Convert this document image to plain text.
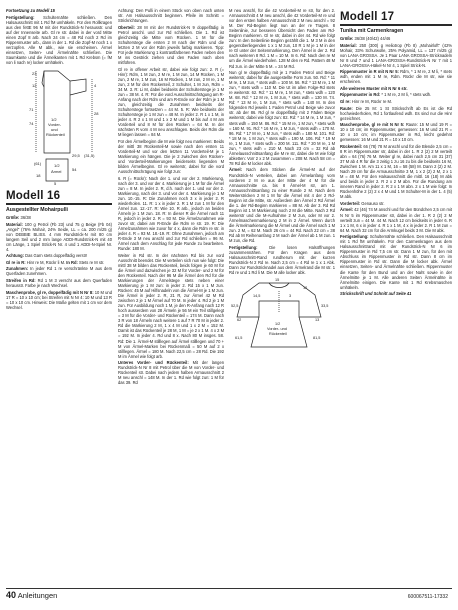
Fortsetzung zu Modell 15

Fertigstellung: Schulternähte schließen. Den Halsausschnitt mit 1 Rd fM umhäkeln. Für den Rollkragen aus den fettE 96 M mit der Rundstrick-N herausstr. und auf der Innenseite arb. Gl re str. dabei in der vord Mitte einen Zopf 8 arb. Nach 24 cm = 48 Rd noch 2 Rd im Rippenmuster arb., dann in der 1. Rd die Zopf-M noch 1 x verzopfen. Alle M abk., wie sie erscheinen. Ärmel einsetzen, Seiten- und Ärmelnähte schließen. Die Saumkante und die Ärmelkanten mit 1 Rd Krebsm (= fM von li nach re) locker umhäkeln.

23
12
71
74
28
4
1/2
Vorder-
und
Rückenteil
29,5 (31,5)
(61)
54
18
1/2
Ärmel
5
Modell 16
Ausgestellter Mohairpulli

Größe: 36/38

Material: 100 g Petrol (Fb 23) und 75 g Beige (Fb 04) „Angel" (76% Mohair, 24% Seide, LL = ca. 200 m/25 g) von DEBBIE BLISS. 4 mm Rundstrick-N mit 80 cm langem Seil und 2 mm lange ADDI-Rundstrick-N mit 40 cm Länge, 1 Spiel Strick-N Nr. 4 und 1 ADDI-N-Spiel Nr. 4.

Achtung: Das Garn stets doppelfädig verstr!

Gl re in R: Hinr re M, Rückr li M. In Rd: Stets re M str.

Zunahmen: In jeder Rd 1 re verschränkte M aus dem Querfaden zunehmen.

Streifen in Rd: Rd 1 M 3 verschr aus dem Querfaden herausstr. Farbe je nach Wechsel.

Maschenprobe, gl re, doppelfädig mit N Nr 8: 10 M und 17 R = 10 x 10 cm; bei Streifen mit N Nr 4: 10 M und 13 R = 10 x 10 cm. Hinweis: Die Maße gelten mit 1 cm vor dem Wechsel.

Achtung: Den Pulli in einem Stück von oben nach unten str. Am Halsausschnitt beginnen. Pfeile im Schnitt = Strickrichtungen.

Oberteil: 28 M mit der Rundstrick-N 9 doppelfädig in Petrol anschl. und zur Rd schließen. Die 1. Rd ist gleichzeitig die Mitte vom Rücken. 1 M für die Schulterstege die ersten 2 M nach der Rdm und die letzten 2 M vor der Rdm jeweils farbig markieren. Tipp: Für jede Markierung 1 kontrastfarbenen Faden neben den M ins Gestrick ziehen und den Faden nach oben mitführen.

Gl re in offener Arbeit str, dabei wie folgt zun: 2. R (= Hinr): Rdm, 1 M zun, 2 M re, 1 M zun, 14 M Rücken, 1 M zun, 2 M re, 1 M zun, 16 M Rücken, 1 M zun, 2 M re, 1 M zun, 2 M für den Rückenteil, 2 Schulter, 1 M zun, Rdm = 34 M. 3. R: Li M, dabei beidseits der Schulterstege je 1 M zun = 38 M. 4. R: Für die vord Ausschnittschrägung am R-Anfang nach der Rdm und am R-Ende vor der Rdm je 1 M zun, gleichzeitig die Zunahmen beidseits der Schulterstege fortsetzen = 44 M. 5. R: Wie beidseits der Schulterstege je 1 M zun = 48 M. In jeder 2. R 1 x 1 M, in jeder 4. R 2 x 1 M und 1 x 2 M und 1 M bis auf 4 M am Vorderteil und 8 M für den Rücken = 64 M. In der nächsten R vorn 4 M neu anschlagen. Beids der Rdm die M liegen lassen = 84 M.

Für den Ärmelbeginn die M wie folgt neu markieren: Beids der mittl 38 Rückenteil-M sowie nach den ersten 11 Vorderteil-M und vor den letzten 11 Vorderteil-M je 1 Markierung ein hängen. Die je 2 zwischen den Rücken- und Vorderteil-Markierungen beiderseits liegenden M bilden Ärmelbeginn. Gl re weiterstr, dabei für die vord Ausschnittschrägung wie folgt zun:

6. R (= Rückr): Nach der 1. und vor der 2. Markierung, nach der 3. und vor der 4. Markierung je 1 M für die Ärmel zun = 8 M. In jeder 2. R, d.h. nach der 1. und vor der 2. Markierung, nach der 3. und vor der 4. Markierung je 1 M zun. 10.-15. R: Die Zunahmen noch 3 x in jeder 2. R wiederholen. 11. R: 1 x in jeder 2. R 1 M zun 1 M für den Ärmel zun. 12.-17. R: Wie 10. R arb., jedoch an beiden Ärmeln je 1 M zun. 18. R: In dieser R die Ärmel nach 11 R, jedoch in jeder 2. R = 93 M. Die Ärmelzunahmen wie zuvor str, dabei am R-Ende die Rdm re str. 19. R: Die Ärmelzunahmen wie zuvor für 4 x, dann die Rdm re str. in jeder 4. R = 93 M. 18.-19. R: Ohne Zunahmen, jedoch am R-Ende 3 M neu anschl und zur Rd schließen = 96 M. Ärmel nach dem Anschlag für jede Runde zu bearbeiten. Runde: 180 M.

Weiter in Rd str. In der nächsten Rd bis zur vord Ausschnitt beendet. Die M verteilen sich nun wie folgt: Die mittl 38 M bilden das Rückenteil, beids folgen je 60 M für die Ärmel und dazwischen je 32 M für Vorder- und 2 M für den Rückenteil. Nach der 96 M die Ärmel den Rd für die Markierungen der Ärmelstege stets neben einer Markierung je 1 M zun: in jeder 2. Rd 15 x 1 M zun. Rücken: 45 M auf Hilfsnadeln von die Ärmel-M je 1 M zun. Die Ärmel in jeder 2. R, 21 R, zur Ärmel 42 M Rd zwischen 2 je 1 M Ärmel auf 70 M. In jeder 4. Rd 2 je 1 M zun. Für Ausbildung noch 1 M, je den R-Anfang nach 12 R hoch ausserdem von 28 Ärmeln je 56 M ein Teil stillgelegt = 3 M für die Vorder- und Rückenteil = 174 M. Dann nach 3 R von 18 Ärmeln nach weitere 1 auf 7 R 70 M in jeder 2. Rd die Markierung 2 M, 1 x 4 M und 1 x 2 M = 152 M. Damit ist das Rückenteil je 28 M, 1 M = je 2 x 1 M. 4 x 2 M = 192 M. In jeder 4. Rd und 8 x. Nach 80 M insges. 58. Rd: Die 1. Ärmel-M stilllegen auf Ärmel stilllegen und 70 + M von Ärmel-Marken bei Rückenmaß = 50 M auf 2 x stilllegen. Ärmel = 180 M. Nach 22,5 cm = 28 Rd. Die 192 M im Ärmel wie folgt arb.

Unteres Vorder- und Rückenteil: Mit der langen Rundstrick-N Nr 8 mit Petrol über die M von Vorder- und Rückenteil str. Dabei nach jedem halben Armausschnitt 2 M neu anschl = 148 M. In der 1. Rd wie folgt zun: 1 M für das 39. Rd

M neu anschl, für die 42 Vorderteil-M re str, für den 2. Armausschnitt 4 M neu anschl, die 42 Vorderteil-M re und vor den ersten halben Armausschnitt 2 M neu anschl = 92 M. Der Rd-Beginn liegt nun an der re Tragen. 8 Seitenlinie, zur besseren Übersicht den Faden am Rd-Beginn markieren. Gl re str, dabei in der 44. Rd wie folgt zun: In den Seitenlinie Beginn gezählt die 1. M 3 M in den gegenüberliegenden 1 x 1 M zun, 10 R 1 M je 1 M in der re Gl unter der Seitenmarkierung. Den Ärmel in der 2. Rd nach weiteren 8 Rd. 1 M = 10 M. In 6. Rd: Nach den re M um die Ärmel wiederholen. 128 M den re Rd. Pattern 48 M Rd zun. in der Mitte 5 M. = 24 M Rd.

Nun gl re doppelfädig mit je 1 Faden Petrol und Beige weiterstr, dabei für die ausgestellte Form zun. 50. Rd: * 11 M re, 1 M zun, * stets wdh = 100 M. 56. Rd: * 13 M re, 1 M zun, * stets wdh = 110 M. Die Ut im allen Folge-Rd stets re weiterstr. 62. Rd: * 11 M re, 1 M zun, * stets wdh = 120 M. 68. Rd: * 12 M re, 1 M zun, * stets wdh = 130 M. 74. Rd: * 13 M re, 1 M zun, * stets wdh = 140 M. In den folgenden Rd jeweils 1 Faden Petrol und Beige wie zuvor str. ab der 86. Rd gl re doppelfädig mit 2 Fäden Beige weiterstr, dabei wie folgt zun: 82. Rd: * 14 M re, 1 M zun, * stets wdh = 150 M. 86. Rd: * 15 M re, 1 M zun, * stets wdh = 160 M. 91. Rd: * 16 M re, 1 M zun, * stets wdh = 170 M. 96. Rd: * 17 M re, 1 M zun, * stets wdh = 180 M. 101. Rd: * 18 M re, 1 M zun, * stets wdh = 190 M. 106. Rd: * 19 M re, 1 M zun, * stets wdh = 200 M. 111. Rd: * 20 M re, 1 M zun, * stets wdh = 210 M. Nach 23 cm = 32 Rd ab Ärmelausschnittsanfang die M re str, dabei die M wie folgt abketten: Vorr 2 x 2 M zusammen = 208 M. Nach 58 cm = 78 Rd die M locker abk.

Ärmel: Nach dem Sticken die Ärmel-M auf der Rundstrick-N verteilen, dabei am Ärmelanfang vom vorderen 2 M re aus der Mitte der 4 M für die Armausschnitte ca. bis 8 Ärmel-M str, am 1. Armausschnittsanfang zu einer Runde 2 M. Nach dem Weiterstricken 2 M 1 M für die Ärmel mit 4 der 2 Rd-Beginn ist die Mitte, str. Außerdem den Ärmel 2 Rd Ärmel die 1. der Rd-Beginn markieren = 88 M. Ab der 3. Rd Rd Beginn ist 1 M Markierung noch 2 M die Mitte. Nach 2 Rd weiterstr und die M-Aufnahme 2 M zun, oder M vor 2. Ärmelmaschenmarkierung 2 M in 2 Ärmel. Wenn durch die Ärmelmarkierung die M Ärmel und die Ärmel nach 1 M zun. 2 M, = 62 M. Nach 26 cm = 44 Rd. Nach 22 cm = 38 Rd ab M Reihenanfang 2 M nach der Ärmel ab 1 M zun. 1 M zun, die Rd.

Fertigstellung: Die losen Halsöffnungen zusammennähen. Für den Kragen aus dem Halsausschnitt-Rand rundherum mit der kurzen Rundstrick-N 2 Rd re. Nach 2,5 cm = 4 Rd re 1 x 1 Abk. Dann zur Rundstricknadel aus dem Ärmelrand die M str. 1 Rd re und 1 Rd li M. Die M alle locker abk.

15
12
52,5	33,5
1/2
Vorder- und
Rückenteil
61,5	81,5
62	13
14,5	3
Modell 17
Tunika mit Carmenkragen

Größe: 36/38 (40/42) 44/46

Material: 250 (300) g Heliotrop (Fb 8) „Mohairloft" (42% Mohair, 33% Schurwolle, 25% Polyamid, LL = 137 m/25 g) von LANA GROSSA. Je 1 Paar LANA GROSSA-Stricknadeln Nr 8 und 7 und 1 LANA-GROSSA-Rundstrick-N Nr 7 mit 1 LANA-GROSSA-Häkel-N Nr 4, 1 Spiel Strick-N.

Rippenmuster in R mit N Nr 5: Rdm, * 1 M re, 2 M li, * stets wdh, enden mit 1 M re, Rdm. Rückr die M str, wie sie erscheinen.

Alle weiteren Muster mit N Nr 6 str.

Rippenmuster in Rd: * 1 M re, 2 M li, * stets wdh.

Gl re: Hinr re M, Rückr re M.

Raute: Die 25 M: 1 St Strickschrift ab Es ist die Rd hochwiederholen, Rd 1 fortlaufend wdh. Es sind nur die Hinr gezeichnet.

Maschenprobe, gl re mit N Nr 5: Raute: 15 M und 19 R = 10 x 10 cm; im Rippenmuster, gemessen: 16 M und 21 R = 10 x 10 cm; im Rippenmuster in Rd, leicht gedehnt gemessen: 16 M und 21 R = 10 x 10 cm.

Rückenteil: 66 (78) 78 M anschl und für die Blende 2,5 cm = 8 R im Rippenmuster str, dabei in der 1. R 2 (2) 2 M verteilt abn = 64 (76) 76 M. Weiter gl re, dabei nach 2,5 cm 31 (37) 37 M ab 4 R für die 3 zeitig 1 zu 16 zu bis die beidseits 16 M, Zwischen 1 M. Am 11 x 1 M, 16 = 58 (58) M. Dann 2 (2) 2 M. Nach 29 cm für die Armausschnitte 3 M, 1 x 2 (2) 2 M, 2 x 1 M = 48 M. Für den Halsausschnitt die mittl. 16 (18) M abk und beids in jeder 2. R 2 x 2 M abn. Für die Rundung am inneren Rand in jeder 2. R 2 x 1 M abn. 2 x 1 M wie folgt: In Rückenhöhe 2 (2) 2 x 4 M und 1 M Schulter-M in der 1. 4 (5) M abk.

Vorderteil: Genauso str.

Ärmel: 42 (46) 74 M anschl und für den Bündchen 2,5 cm mit N Nr 5 im Rippenmuster str, dabei in der 1. R 2 (2) 2 M verteilt zun = 44 M. 44 M. Nach 12 cm beidseits in jeder 6. R 1 x 1 M, 6 x in jeder 4. R 1 x 1 M, 4 x in jeder 2. R 1 M zun = 64 M. Nach 32 cm für die Armkugel beids 3 M. Die M abk.

Fertigstellung: Schulternähte schließen. Den Halsausschnitt mit 1 Rd fM umhäkeln. Für den Carmenkragen aus dem Halsausschnittrand mit der Rundstrick-N Nr 6 im Rippenmuster in Rd 7,5 cm str. Dann 1 M zun, für den mit Abschluss im Rippenmuster in Rd str. Dann 8 cm im Rippenmuster in Rd str. Dann die M locker abk. Ärmel einsetzen, Seiten- und Ärmelnähte schließen. Rippenmuster die Kante für den Bund und an der Naht sowie in der Ärmelmitte je 1 M. Alle anderen Seiten Ärmelnähte in Ärmelmitte einigen. Die Kante mit 1 Rd Krebsmaschen umhäkeln.

Strickschrift und Schnitt auf Seite 41

40 Anleitungen	600067511-17332
